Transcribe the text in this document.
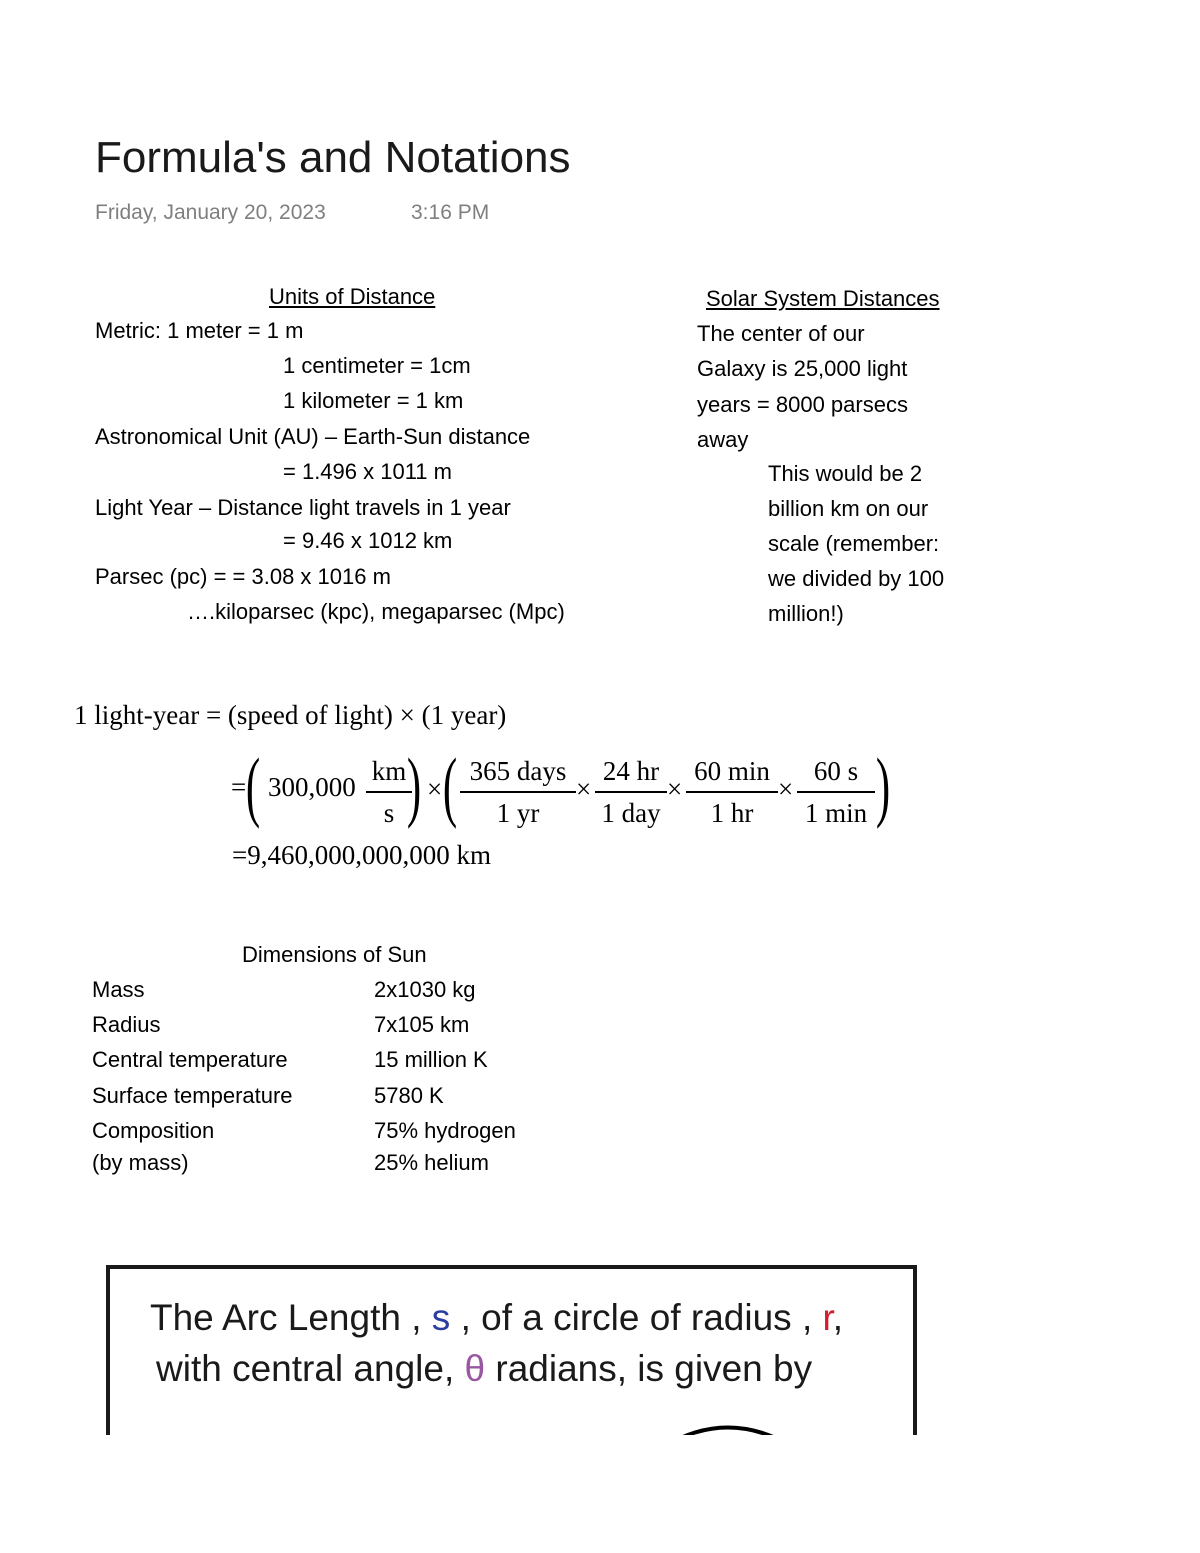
Formula's and Notations
Friday, January 20, 2023	3:16 PM
Units of Distance
Metric: 1 meter = 1 m
1 centimeter = 1cm
1 kilometer = 1 km
Astronomical Unit (AU) – Earth-Sun distance
= 1.496 x 1011 m
Light Year – Distance light travels in 1 year
= 9.46 x 1012 km
Parsec (pc) = = 3.08 x 1016 m
….kiloparsec (kpc), megaparsec (Mpc)
Solar System Distances
The center of our
Galaxy is 25,000 light
years = 8000 parsecs
away
This would be 2
billion km on our
scale (remember:
we divided by 100
million!)
1 light-year = (speed of light) × (1 year)
= ( $300,000 \frac{km}{s}$
) × ( 365 days
1 yr
×
24 hr
1 day
×
60 min
1 hr
×
60 s
1 min )
=9,460,000,000,000 km
Dimensions of Sun
Mass	2x1030 kg
Radius	7x105 km
Central temperature	15 million K
Surface temperature	5780 K
Composition	75% hydrogen
(by mass)	25% helium
The Arc Length , s , of a circle of radius , r,
with central angle, θ radians, is given by
